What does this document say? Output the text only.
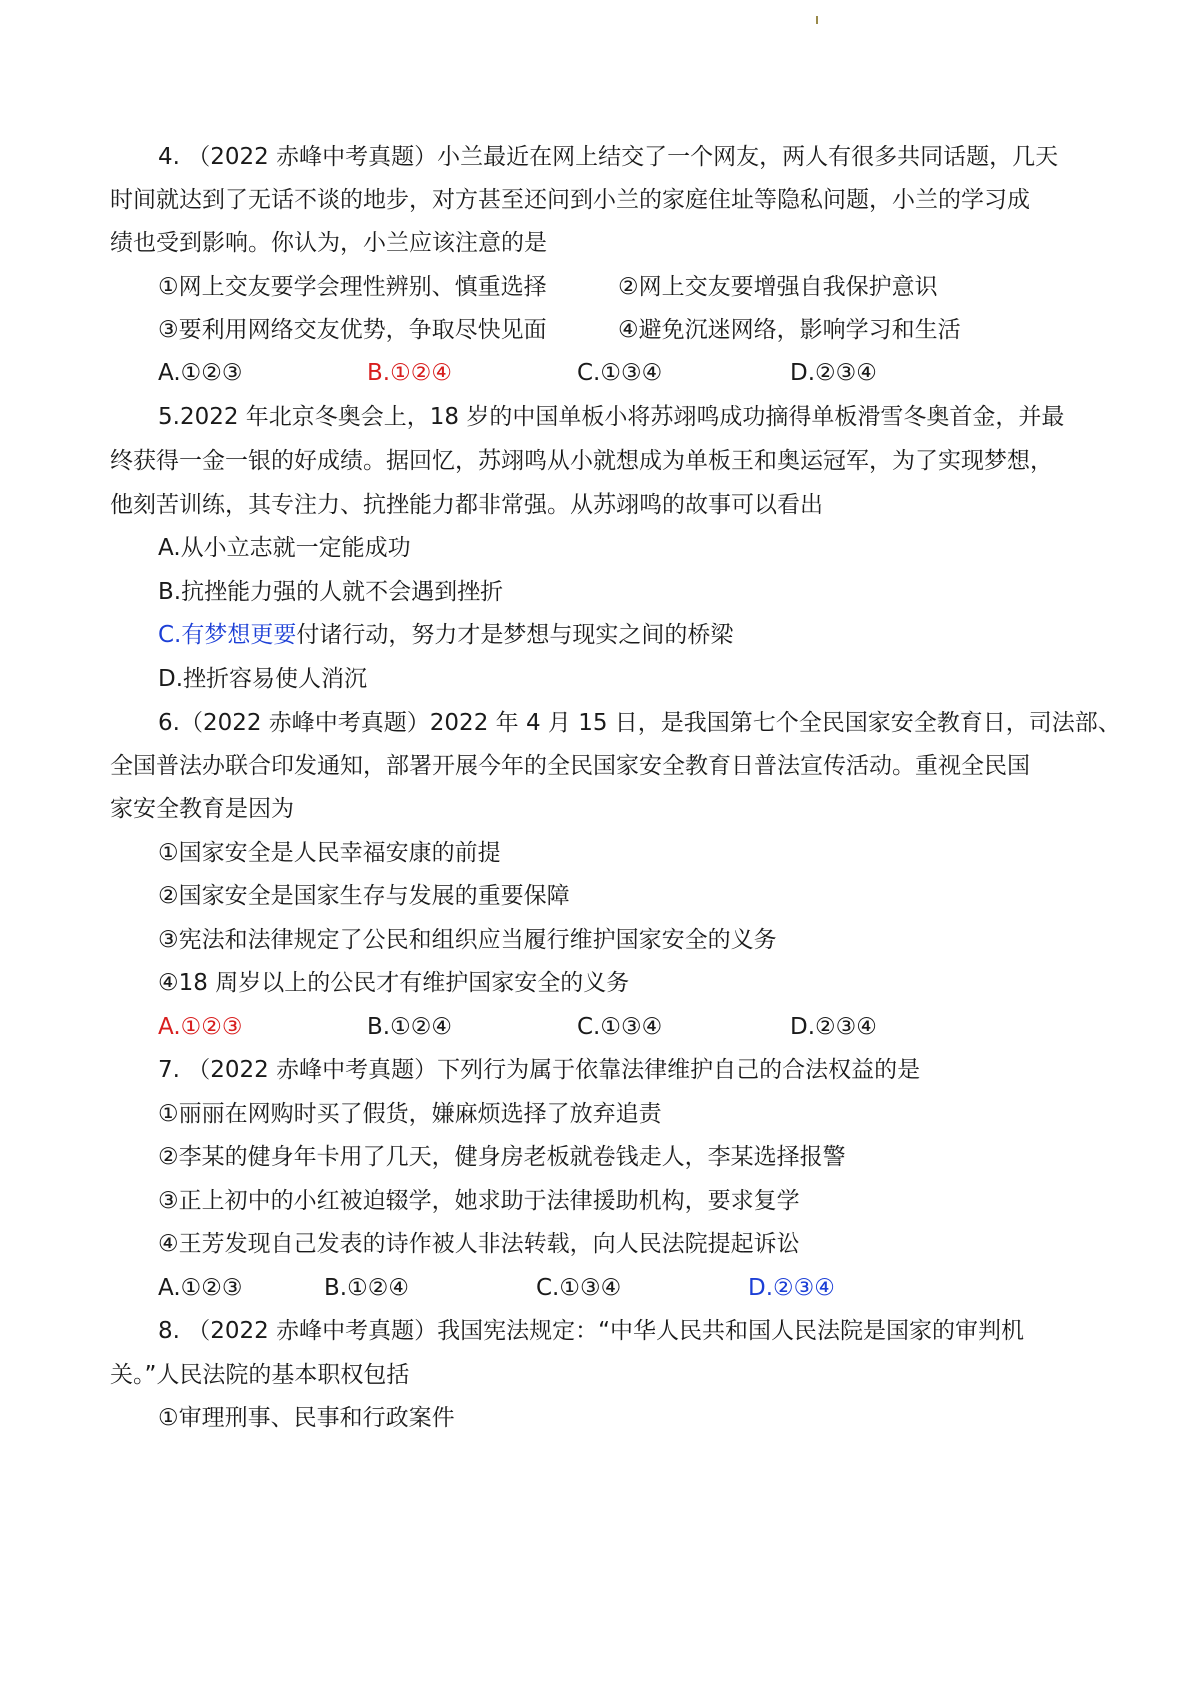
4. （2022 赤峰中考真题）小兰最近在网上结交了一个网友，两人有很多共同话题，几天
时间就达到了无话不谈的地步，对方甚至还问到小兰的家庭住址等隐私问题，小兰的学习成
绩也受到影响。你认为，小兰应该注意的是
①网上交友要学会理性辨别、慎重选择	②网上交友要增强自我保护意识
③要利用网络交友优势，争取尽快见面	④避免沉迷网络，影响学习和生活
A.①②③	B.①②④	C.①③④	D.②③④
5.2022 年北京冬奥会上，18 岁的中国单板小将苏翊鸣成功摘得单板滑雪冬奥首金，并最
终获得一金一银的好成绩。据回忆，苏翊鸣从小就想成为单板王和奥运冠军，为了实现梦想，
他刻苦训练，其专注力、抗挫能力都非常强。从苏翊鸣的故事可以看出
A.从小立志就一定能成功
B.抗挫能力强的人就不会遇到挫折
C.有梦想更要付诸行动，努力才是梦想与现实之间的桥梁
D.挫折容易使人消沉
6.（2022 赤峰中考真题）2022 年 4 月 15 日，是我国第七个全民国家安全教育日，司法部、
全国普法办联合印发通知，部署开展今年的全民国家安全教育日普法宣传活动。重视全民国
家安全教育是因为
①国家安全是人民幸福安康的前提
②国家安全是国家生存与发展的重要保障
③宪法和法律规定了公民和组织应当履行维护国家安全的义务
④18 周岁以上的公民才有维护国家安全的义务
A.①②③	B.①②④	C.①③④	D.②③④
7. （2022 赤峰中考真题）下列行为属于依靠法律维护自己的合法权益的是
①丽丽在网购时买了假货，嫌麻烦选择了放弃追责
②李某的健身年卡用了几天，健身房老板就卷钱走人，李某选择报警
③正上初中的小红被迫辍学，她求助于法律援助机构，要求复学
④王芳发现自己发表的诗作被人非法转载，向人民法院提起诉讼
A.①②③	B.①②④	C.①③④	D.②③④
8. （2022 赤峰中考真题）我国宪法规定：“中华人民共和国人民法院是国家的审判机
关。”人民法院的基本职权包括
①审理刑事、民事和行政案件
